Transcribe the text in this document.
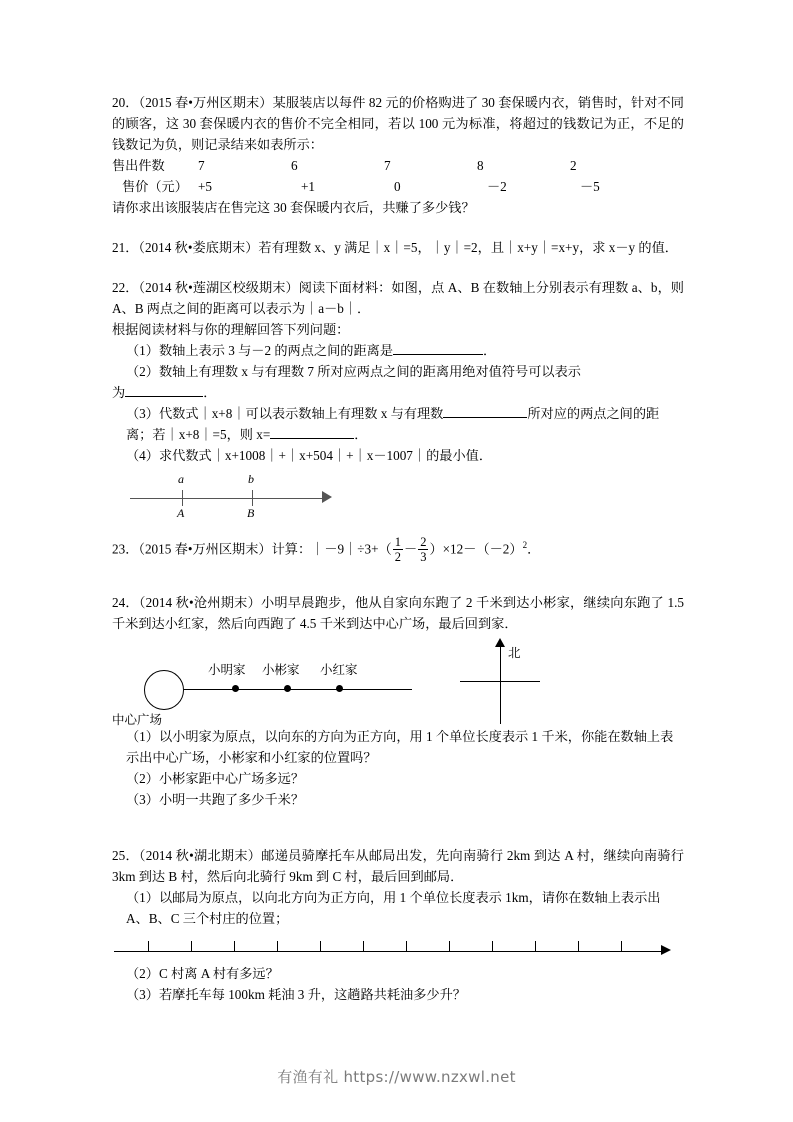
20．（2015 春•万州区期末）某服装店以每件 82 元的价格购进了 30 套保暖内衣，销售时，针对不同的顾客，这 30 套保暖内衣的售价不完全相同，若以 100 元为标准，将超过的钱数记为正，不足的钱数记为负，则记录结来如表所示：
售出件数	7	6	7	8	2
售价（元） +5	+1	0	－2	－5
请你求出该服装店在售完这 30 套保暖内衣后，共赚了多少钱？
21．（2014 秋•娄底期末）若有理数 x、y 满足｜x｜=5，｜y｜=2，且｜x+y｜=x+y，求 x－y 的值．
22．（2014 秋•莲湖区校级期末）阅读下面材料：如图，点 A、B 在数轴上分别表示有理数 a、b，则 A、B 两点之间的距离可以表示为｜a－b｜．
根据阅读材料与你的理解回答下列问题：
（1）数轴上表示 3 与－2 的两点之间的距离是	．
（2）数轴上有理数 x 与有理数 7 所对应两点之间的距离用绝对值符号可以表示
为	．
（3）代数式｜x+8｜可以表示数轴上有理数 x 与有理数	所对应的两点之间的距离；若｜x+8｜=5，则 x=	．
（4）求代数式｜x+1008｜+｜x+504｜+｜x－1007｜的最小值．
a	b
A	B
23．（2015 春•万州区期末）计算：｜－9｜÷3+（ $\frac{1}{2} - \frac{2}{3} )\times 12-(-2)^2$．
24．（2014 秋•沧州期末）小明早晨跑步，他从自家向东跑了 2 千米到达小彬家，继续向东跑了 1.5 千米到达小红家，然后向西跑了 4.5 千米到达中心广场，最后回到家．
小明家 小彬家 小红家
中心广场
北
（1）以小明家为原点，以向东的方向为正方向，用 1 个单位长度表示 1 千米，你能在数轴上表示出中心广场，小彬家和小红家的位置吗？
（2）小彬家距中心广场多远？
（3）小明一共跑了多少千米？
25．（2014 秋•湖北期末）邮递员骑摩托车从邮局出发，先向南骑行 2km 到达 A 村，继续向南骑行 3km 到达 B 村，然后向北骑行 9km 到 C 村，最后回到邮局．
（1）以邮局为原点，以向北方向为正方向，用 1 个单位长度表示 1km，请你在数轴上表示出 A、B、C 三个村庄的位置；
（2）C 村离 A 村有多远？
（3）若摩托车每 100km 耗油 3 升，这趟路共耗油多少升？
有渔有礼 https://www.nzxwl.net
